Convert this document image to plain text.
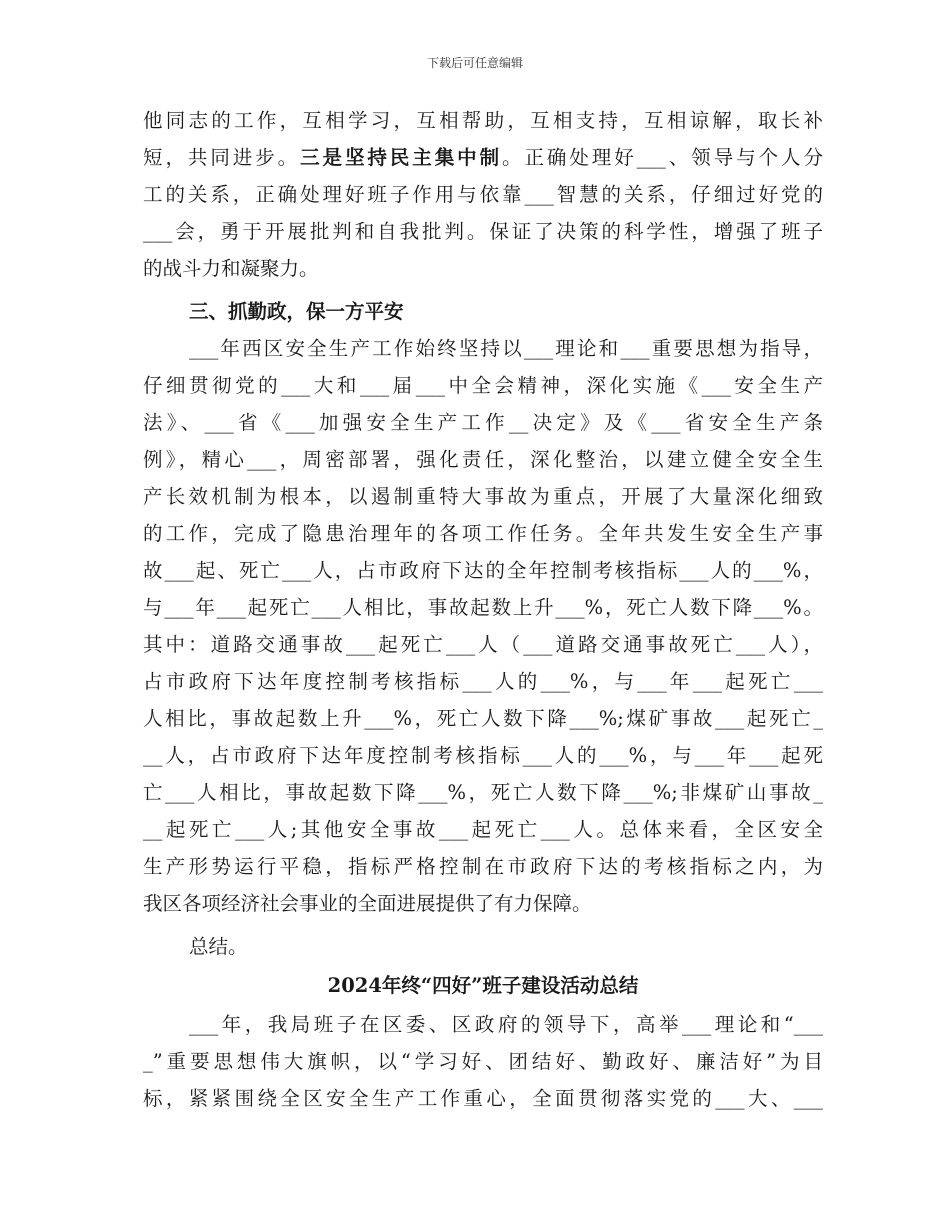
下载后可任意编辑
他同志的工作，互相学习，互相帮助，互相支持，互相谅解，取长补
短，共同进步。三是坚持民主集中制。正确处理好___、领导与个人分
工的关系，正确处理好班子作用与依靠___智慧的关系，仔细过好党的
___会，勇于开展批判和自我批判。保证了决策的科学性，增强了班子
的战斗力和凝聚力。
三、抓勤政，保一方平安
___年西区安全生产工作始终坚持以___理论和___重要思想为指导，
仔细贯彻党的___大和___届___中全会精神，深化实施《___安全生产
法》、___省《___加强安全生产工作__决定》及《___省安全生产条
例》，精心___，周密部署，强化责任，深化整治，以建立健全安全生
产长效机制为根本，以遏制重特大事故为重点，开展了大量深化细致
的工作，完成了隐患治理年的各项工作任务。全年共发生安全生产事
故___起、死亡___人，占市政府下达的全年控制考核指标___人的___%，
与___年___起死亡___人相比，事故起数上升___%，死亡人数下降___%。
其中：道路交通事故___起死亡___人（___道路交通事故死亡___人），
占市政府下达年度控制考核指标___人的___%，与___年___起死亡___
人相比，事故起数上升___%，死亡人数下降___%;煤矿事故___起死亡_
__人，占市政府下达年度控制考核指标___人的___%，与___年___起死
亡___人相比，事故起数下降___%，死亡人数下降___%;非煤矿山事故_
__起死亡___人;其他安全事故___起死亡___人。总体来看，全区安全
生产形势运行平稳，指标严格控制在市政府下达的考核指标之内，为
我区各项经济社会事业的全面进展提供了有力保障。
总结。
2024年终“四好”班子建设活动总结
___年，我局班子在区委、区政府的领导下，高举___理论和“___
_”重要思想伟大旗帜，以“学习好、团结好、勤政好、廉洁好”为目
标，紧紧围绕全区安全生产工作重心，全面贯彻落实党的___大、___
